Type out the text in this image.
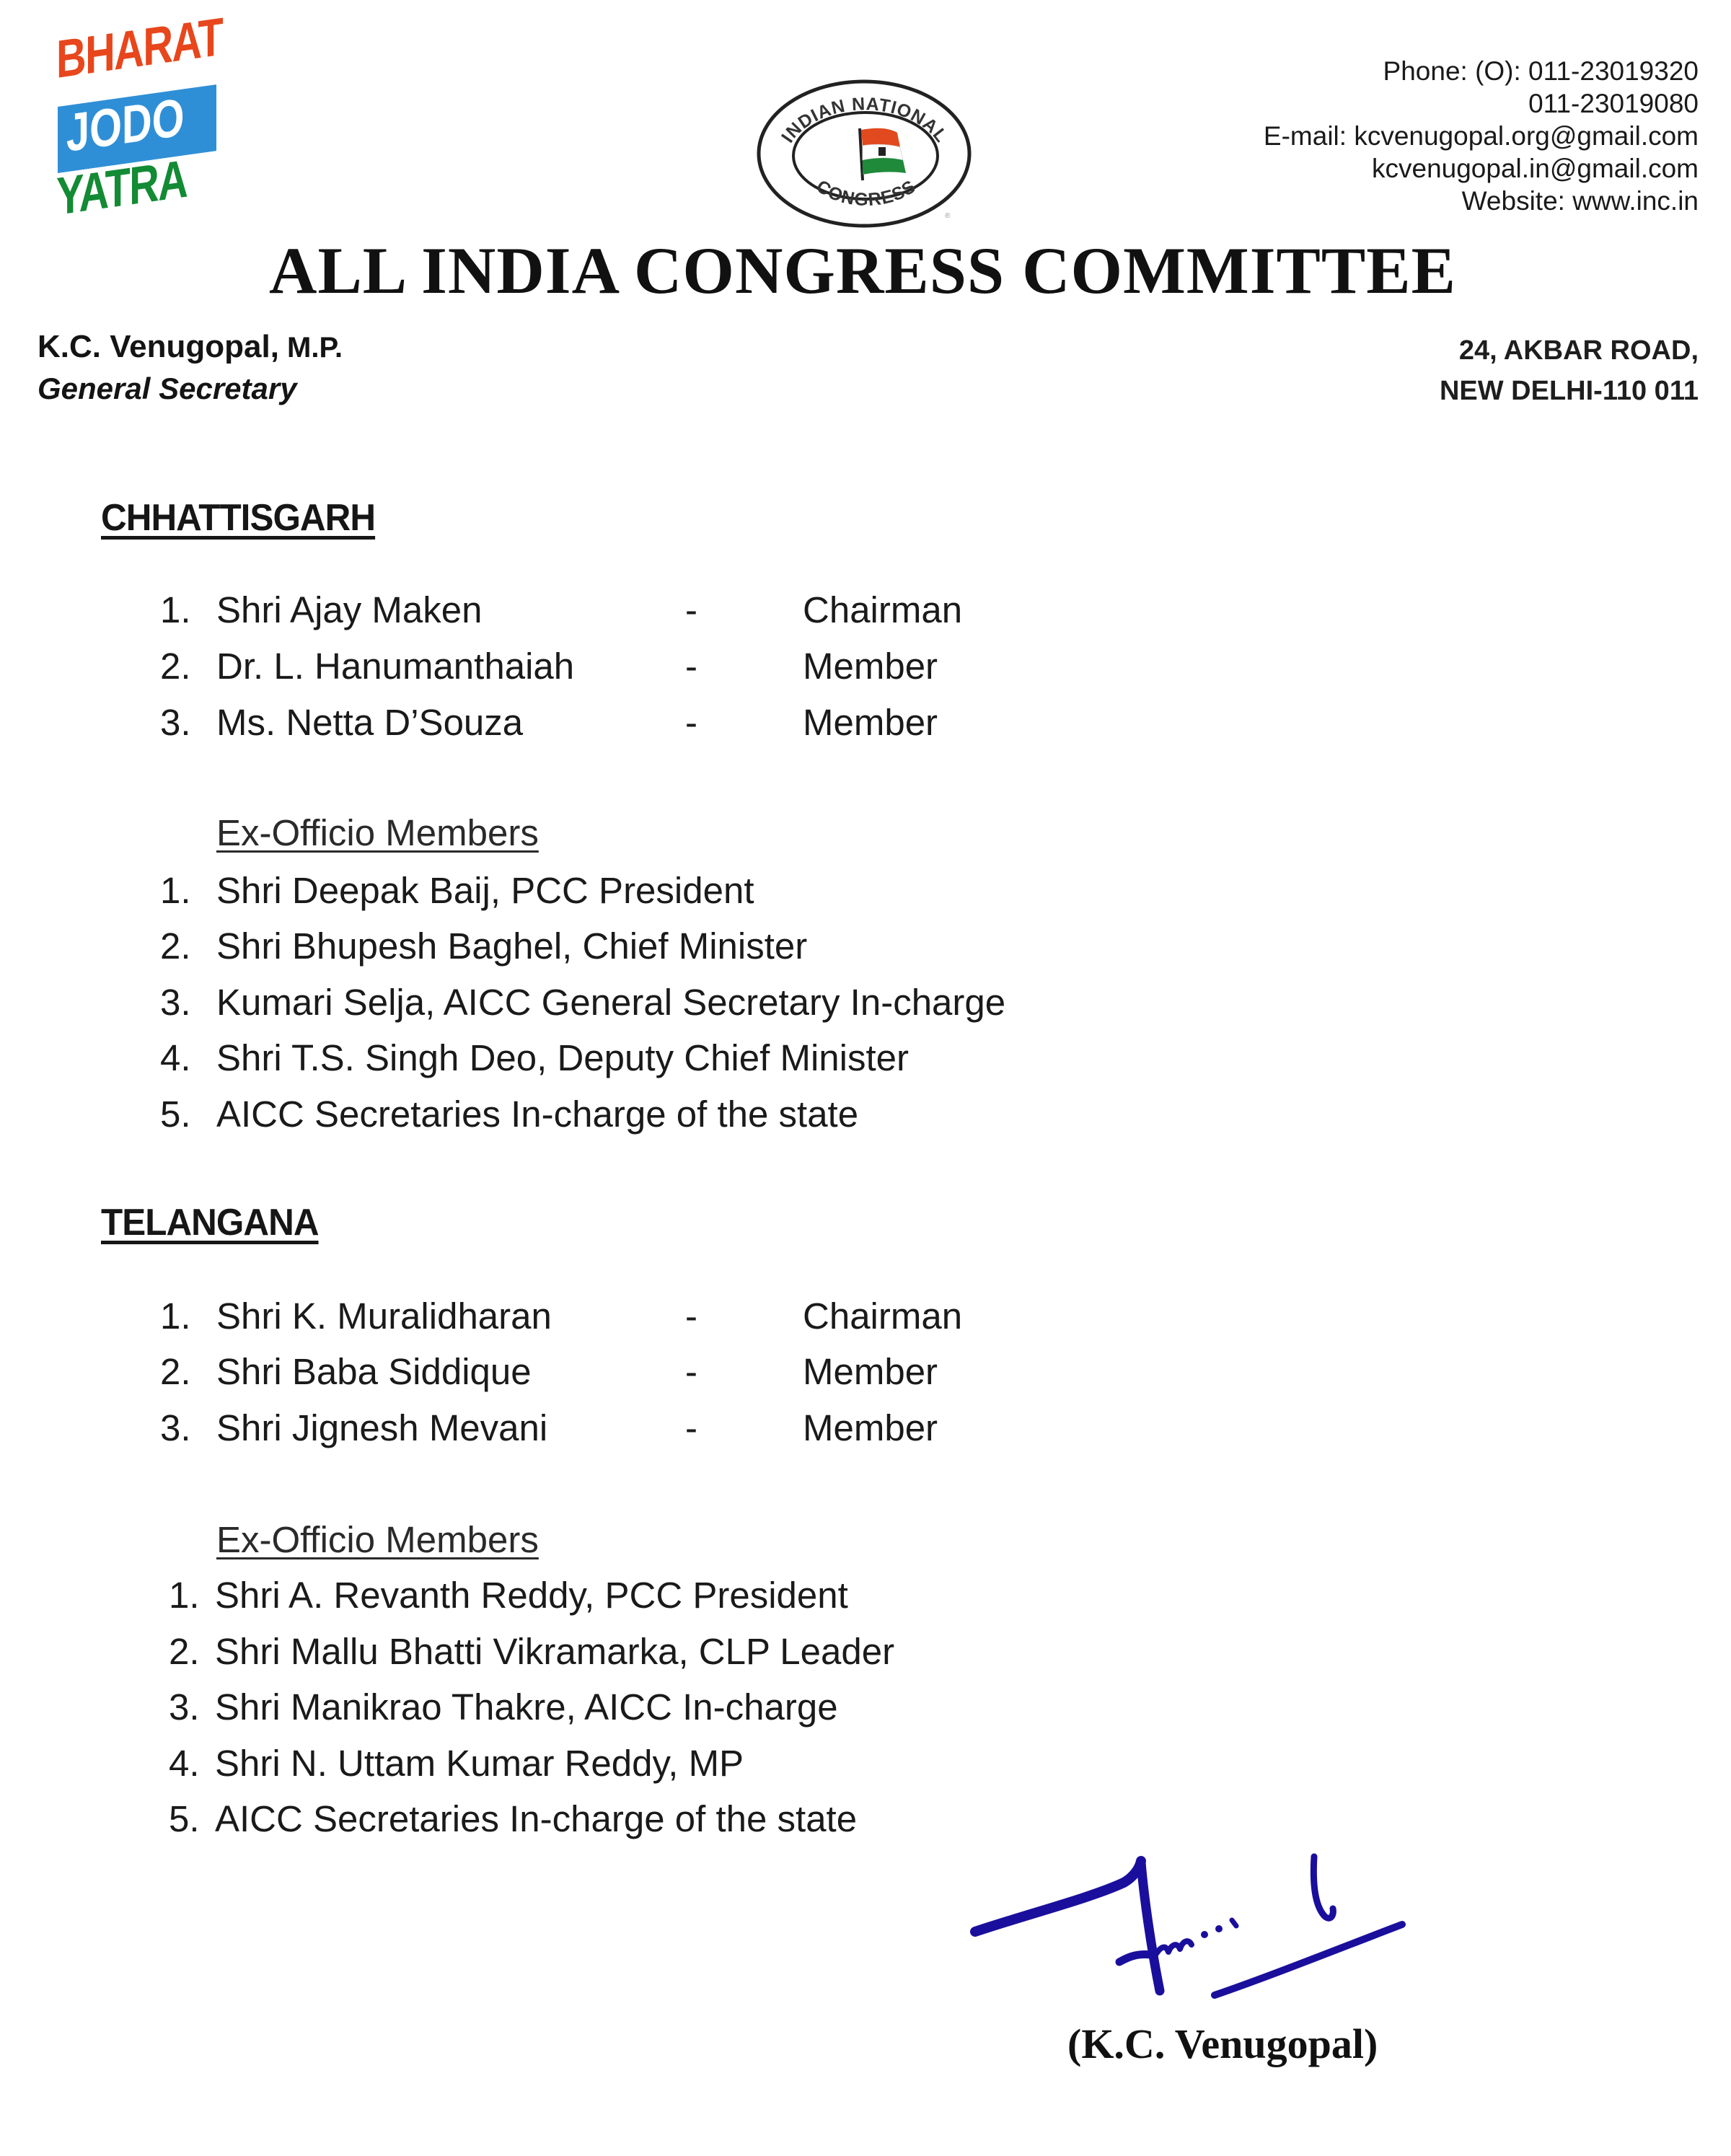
BHARAT
JODO
YATRA
INDIAN NATIONAL
CONGRESS
®
Phone: (O): 011-23019320
011-23019080
E-mail: kcvenugopal.org@gmail.com
kcvenugopal.in@gmail.com
Website: www.inc.in
ALL INDIA CONGRESS COMMITTEE
K.C. Venugopal, M.P.
General Secretary
24, AKBAR ROAD,
NEW DELHI-110 011
CHHATTISGARH
1. Shri Ajay Maken	-	Chairman
2. Dr. L. Hanumanthaiah	-	Member
3. Ms. Netta D’Souza	-	Member
Ex-Officio Members
1. Shri Deepak Baij, PCC President
2. Shri Bhupesh Baghel, Chief Minister
3. Kumari Selja, AICC General Secretary In-charge
4. Shri T.S. Singh Deo, Deputy Chief Minister
5. AICC Secretaries In-charge of the state
TELANGANA
1. Shri K. Muralidharan	-	Chairman
2. Shri Baba Siddique	-	Member
3. Shri Jignesh Mevani	-	Member
Ex-Officio Members
1. Shri A. Revanth Reddy, PCC President
2. Shri Mallu Bhatti Vikramarka, CLP Leader
3. Shri Manikrao Thakre, AICC In-charge
4. Shri N. Uttam Kumar Reddy, MP
5. AICC Secretaries In-charge of the state
(K.C. Venugopal)
